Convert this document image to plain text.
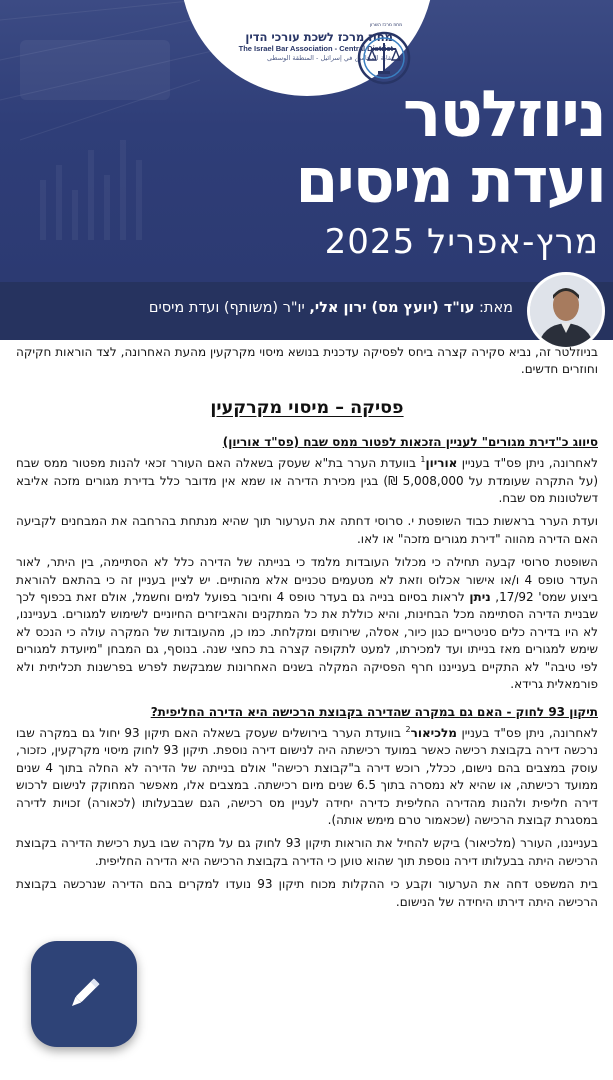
מחוז מרכז לשכת עורכי הדין
The Israel Bar Association - Central District
نقابة المحامين في إسرائيل - المنطقة الوسطى
מחוז מרכז השרון
ניוזלטר
ועדת מיסים
מרץ-אפריל 2025
מאת: עו"ד (יועץ מס) ירון אלי, יו"ר (משותף) ועדת מיסים

בניוזלטר זה, נביא סקירה קצרה ביחס לפסיקה עדכנית בנושא מיסוי מקרקעין מהעת האחרונה, לצד הוראות חקיקה וחוזרים חדשים.

פסיקה – מיסוי מקרקעין
סיווג כ"דירת מגורים" לעניין הזכאות לפטור ממס שבח (פס"ד אוריון)

לאחרונה, ניתן פס"ד בעניין אוריון$^1$ בוועדת הערר בת"א שעסק בשאלה האם העורר זכאי להנות מפטור ממס שבח (על התקרה שעומדת על 5,008,000 ₪) בגין מכירת הדירה או שמא אין מדובר כלל בדירת מגורים מזכה אליבא דשלטונות מס שבח.

ועדת הערר בראשות כבוד השופטת י. סרוסי דחתה את הערעור תוך שהיא מנתחת בהרחבה את המבחנים לקביעה האם הדירה מהווה "דירת מגורים מזכה" או לאו.

השופטת סרוסי קבעה תחילה כי מכלול העובדות מלמד כי בנייתה של הדירה כלל לא הסתיימה, בין היתר, לאור העדר טופס 4 ו/או אישור אכלוס וזאת לא מטעמים טכניים אלא מהותיים. יש לציין בעניין זה כי בהתאם להוראת ביצוע שמס' 17/92, ניתן לראות בסיום בנייה גם בעדר טופס 4 וחיבור בפועל למים וחשמל, אולם זאת בכפוף לכך שבניית הדירה הסתיימה מכל הבחינות, והיא כוללת את כל המתקנים והאביזרים החיוניים לשימוש למגורים. בענייננו, לא היו בדירה כלים סניטריים כגון כיור, אסלה, שירותים ומקלחת. כמו כן, מהעובדות של המקרה עולה כי הנכס לא שימש למגורים מאז בנייתו ועד למכירתו, למעט לתקופה קצרה בת כחצי שנה. בנוסף, גם המבחן "מיועדת למגורים לפי טיבה" לא התקיים בענייננו חרף הפסיקה המקלה בשנים האחרונות שמבקשת לפרש בפרשנות תכליתית ולא פורמאלית גרידא.

תיקון 93 לחוק - האם גם במקרה שהדירה בקבוצת הרכישה היא הדירה החליפית?

לאחרונה, ניתן פס"ד בעניין מלכיאור$^2$ בוועדת הערר בירושלים שעסק בשאלה האם תיקון 93 יחול גם במקרה שבו נרכשה דירה בקבוצת רכישה כאשר במועד רכישתה היה לנישום דירה נוספת. תיקון 93 לחוק מיסוי מקרקעין, כזכור, עוסק במצבים בהם נישום, ככלל, רוכש דירה ב"קבוצת רכישה" אולם בנייתה של הדירה לא החלה בתוך 4 שנים ממועד רכישתה, או שהיא לא נמסרה בתוך 6.5 שנים מיום רכישתה. במצבים אלו, מאפשר המחוקק לנישום לרכוש דירה חליפית ולהנות מהדירה החליפית כדירה יחידה לעניין מס רכישה, הגם שבבעלותו (לכאורה) זכויות לדירה במסגרת קבוצת הרכישה (שכאמור טרם מימש אותה).

בענייננו, העורר (מלכיאור) ביקש להחיל את הוראות תיקון 93 לחוק גם על מקרה שבו בעת רכישת הדירה בקבוצת הרכישה היתה בבעלותו דירה נוספת תוך שהוא טוען כי הדירה בקבוצת הרכישה היא הדירה החליפית.

בית המשפט דחה את הערעור וקבע כי ההקלות מכוח תיקון 93 נועדו למקרים בהם הדירה שנרכשה בקבוצת הרכישה היתה דירתו היחידה של הנישום.
